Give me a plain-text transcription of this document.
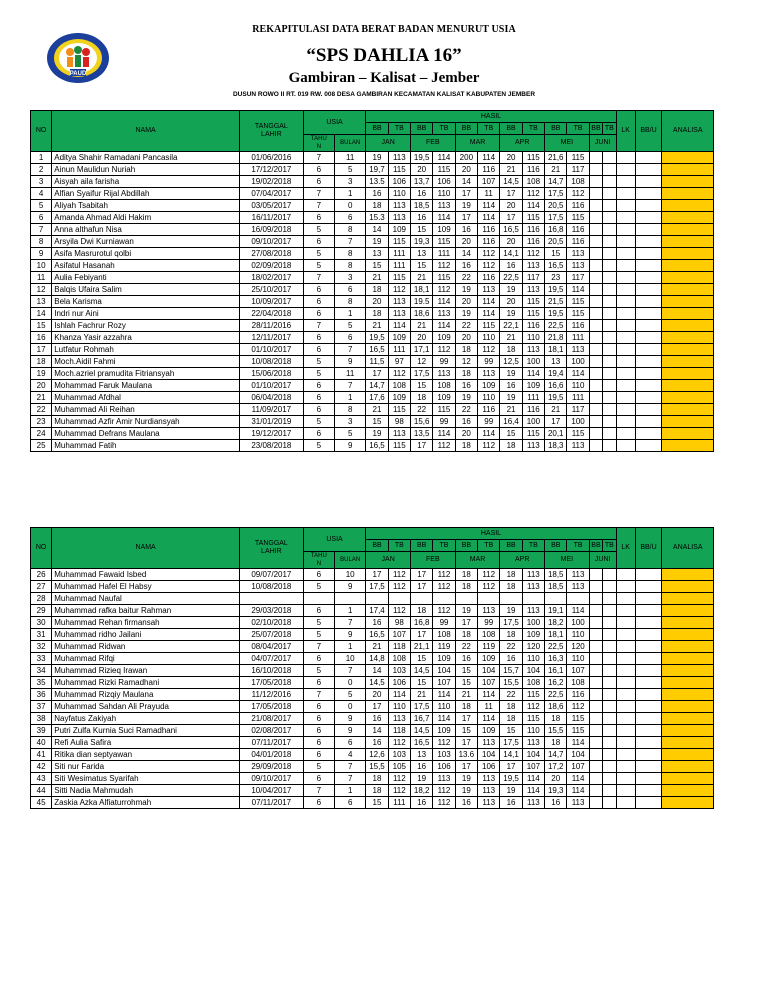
PAUD
REKAPITULASI DATA BERAT BADAN MENURUT USIA
“SPS DAHLIA 16”
Gambiran – Kalisat – Jember
DUSUN ROWO II RT. 019 RW. 008 DESA GAMBIRAN KECAMATAN KALISAT KABUPATEN JEMBER
NO	NAMA	TANGGAL
LAHIR	USIA		HASIL												LK	BB/U	ANALISA
					BB	TB	BB	TB	BB	TB	BB	TB	BB	TB	BB	TB			
			TAHU
N	BULAN	JAN		FEB		MAR		APR		MEI		JUNI				

1	Aditya Shahir Ramadani Pancasila	01/06/2016	7	11	19	113	19,5	114	200	114	20	115	21,6	115					
2	Ainun Maulidun Nuriah	17/12/2017	6	5	19,7	115	20	115	20	116	21	116	21	117					
3	Aisyah aila farisha	19/02/2018	6	3	13.5	106	13,7	106	14	107	14,5	108	14,7	108					
4	Alfian Syaifur Rijal Abdillah	07/04/2017	7	1	16	110	16	110	17	11	17	112	17,5	112					
5	Aliyah Tsabitah	03/05/2017	7	0	18	113	18,5	113	19	114	20	114	20,5	116					
6	Amanda Ahmad Aldi Hakim	16/11/2017	6	6	15.3	113	16	114	17	114	17	115	17,5	115					
7	Anna althafun Nisa	16/09/2018	5	8	14	109	15	109	16	116	16,5	116	16,8	116					
8	Arsyila Dwi Kurniawan	09/10/2017	6	7	19	115	19,3	115	20	116	20	116	20,5	116					
9	Asifa Masrurotul qolbi	27/08/2018	5	8	13	111	13	111	14	112	14,1	112	15	113					
10	Asifatul Hasanah	02/09/2018	5	8	15	111	15	112	16	112	16	113	16,5	113					
11	Aulia Febiyanti	18/02/2017	7	3	21	115	21	115	22	116	22,5	117	23	117					
12	Balqis Ufaira Salim	25/10/2017	6	6	18	112	18,1	112	19	113	19	113	19,5	114					
13	Bela Karisma	10/09/2017	6	8	20	113	19.5	114	20	114	20	115	21,5	115					
14	Indri nur Aini	22/04/2018	6	1	18	113	18,6	113	19	114	19	115	19,5	115					
15	Ishlah Fachrur Rozy	28/11/2016	7	5	21	114	21	114	22	115	22,1	116	22,5	116					
16	Khanza Yasir azzahra	12/11/2017	6	6	19,5	109	20	109	20	110	21	110	21,8	111					
17	Lutfatur Rohmah	01/10/2017	6	7	16,5	111	17,1	112	18	112	18	113	18,1	113					
18	Moch.Aidil Fahmi	10/08/2018	5	9	11,5	97	12	99	12	99	12,5	100	13	100					
19	Moch.azriel pramudita Fitriansyah	15/06/2018	5	11	17	112	17,5	113	18	113	19	114	19,4	114					
20	Mohammad Faruk Maulana	01/10/2017	6	7	14,7	108	15	108	16	109	16	109	16,6	110					
21	Muhammad Afdhal	06/04/2018	6	1	17,6	109	18	109	19	110	19	111	19,5	111					
22	Muhammad Ali Reihan	11/09/2017	6	8	21	115	22	115	22	116	21	116	21	117					
23	Muhammad Azfir Amir Nurdiansyah	31/01/2019	5	3	15	98	15,6	99	16	99	16,4	100	17	100					
24	Muhammad Defrans Maulana	19/12/2017	6	5	19	113	13,5	114	20	114	15	115	20,1	115					
25	Muhammad Fatih	23/08/2018	5	9	16,5	115	17	112	18	112	18	113	18,3	113					
NO	NAMA	TANGGAL
LAHIR	USIA		HASIL												LK	BB/U	ANALISA
					BB	TB	BB	TB	BB	TB	BB	TB	BB	TB	BB	TB			
			TAHU
N	BULAN	JAN		FEB		MAR		APR		MEI		JUNI				

26	Muhammad Fawaid Isbed	09/07/2017	6	10	17	112	17	112	18	112	18	113	18,5	113					
27	Muhammad Hafel El Habsy	10/08/2018	5	9	17,5	112	17	112	18	112	18	113	18,5	113					
28	Muhammad Naufal																		
29	Muhammad rafka baitur Rahman	29/03/2018	6	1	17,4	112	18	112	19	113	19	113	19,1	114					
30	Muhammad Rehan firmansah	02/10/2018	5	7	16	98	16,8	99	17	99	17,5	100	18,2	100					
31	Muhammad ridho Jailani	25/07/2018	5	9	16,5	107	17	108	18	108	18	109	18,1	110					
32	Muhammad Ridwan	08/04/2017	7	1	21	118	21,1	119	22	119	22	120	22,5	120					
33	Muhammad Rifqi	04/07/2017	6	10	14,8	108	15	109	16	109	16	110	16,3	110					
34	Muhammad Rizieq Irawan	16/10/2018	5	7	14	103	14,5	104	15	104	15,7	104	16,1	107					
35	Muhammad Rizki Ramadhani	17/05/2018	6	0	14,5	106	15	107	15	107	15,5	108	16,2	108					
36	Muhammad Rizqiy Maulana	11/12/2016	7	5	20	114	21	114	21	114	22	115	22,5	116					
37	Muhammad Sahdan Ali Prayuda	17/05/2018	6	0	17	110	17,5	110	18	11	18	112	18,6	112					
38	Nayfatus Zakiyah	21/08/2017	6	9	16	113	16,7	114	17	114	18	115	18	115					
39	Putri Zulfa Kurnia Suci Ramadhani	02/08/2017	6	9	14	118	14,5	109	15	109	15	110	15,5	115					
40	Refi Aulia Safira	07/11/2017	6	6	16	112	16,5	112	17	113	17,5	113	18	114					
41	Ritika dian septyawan	04/01/2018	6	4	12,6	103	13	103	13.6	104	14,1	104	14,7	104					
42	Siti nur Farida	29/09/2018	5	7	15,5	105	16	106	17	106	17	107	17,2	107					
43	Siti Wesimatus Syarifah	09/10/2017	6	7	18	112	19	113	19	113	19,5	114	20	114					
44	Sitti Nadia Mahmudah	10/04/2017	7	1	18	112	18,2	112	19	113	19	114	19,3	114					
45	Zaskia Azka Alfiaturrohmah	07/11/2017	6	6	15	111	16	112	16	113	16	113	16	113					
